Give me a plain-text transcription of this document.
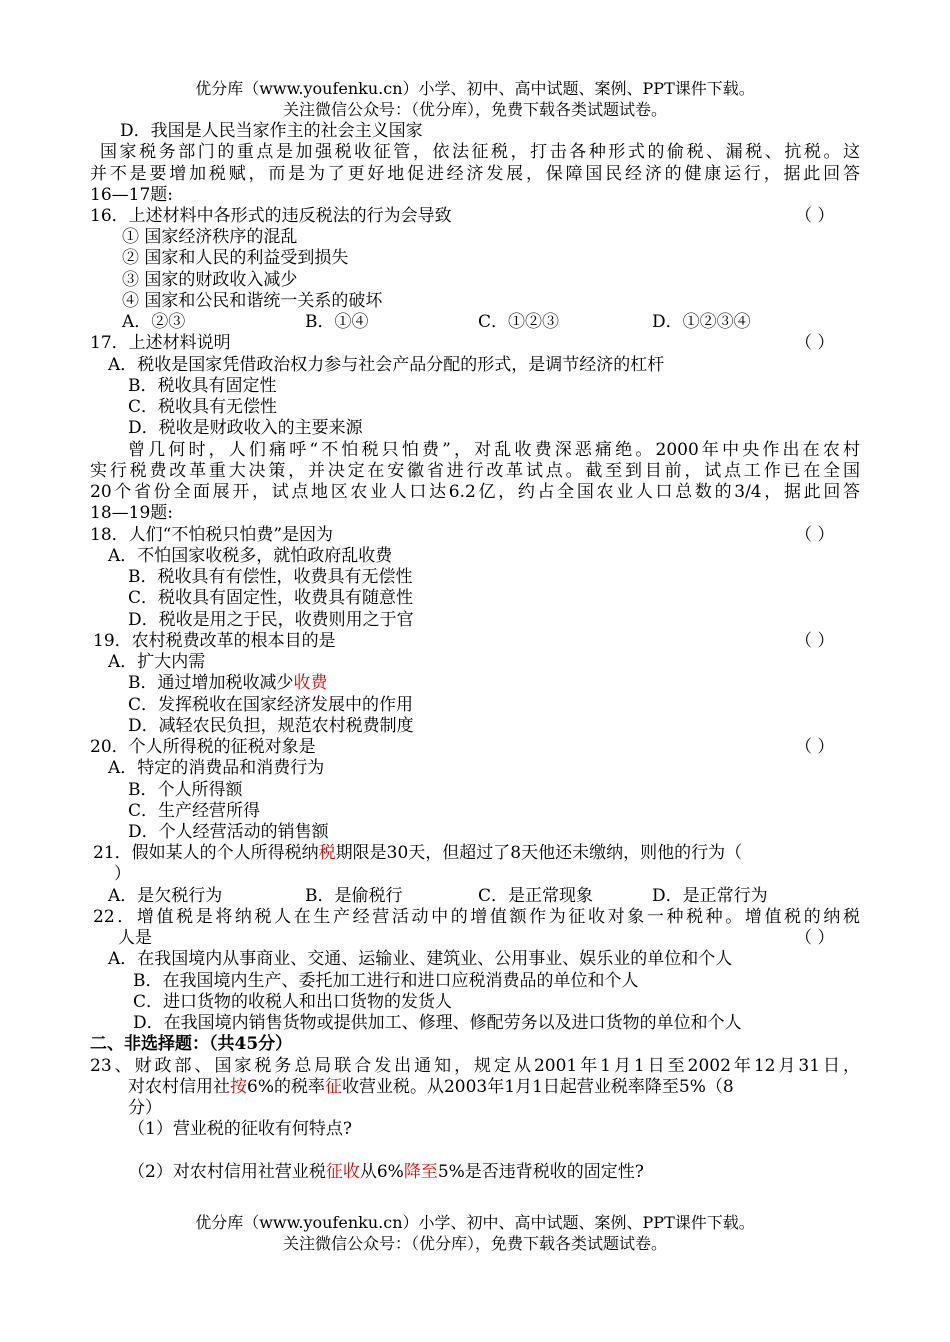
优分库（www.youfenku.cn）小学、初中、高中试题、案例、PPT课件下载。
关注微信公众号：（优分库），免费下载各类试题试卷。
D．我国是人民当家作主的社会主义国家
国家税务部门的重点是加强税收征管，依法征税，打击各种形式的偷税、漏税、抗税。这
并不是要增加税赋，而是为了更好地促进经济发展，保障国民经济的健康运行，据此回答
16—17题:
16．上述材料中各形式的违反税法的行为会导致	（ ）
① 国家经济秩序的混乱
② 国家和人民的利益受到损失
③ 国家的财政收入减少
④ 国家和公民和谐统一关系的破坏
A．②③	B．①④	C．①②③	D．①②③④
17．上述材料说明	（ ）
A．税收是国家凭借政治权力参与社会产品分配的形式，是调节经济的杠杆
B．税收具有固定性
C．税收具有无偿性
D．税收是财政收入的主要来源
曾几何时，人们痛呼“不怕税只怕费”，对乱收费深恶痛绝。2000年中央作出在农村
实行税费改革重大决策，并决定在安徽省进行改革试点。截至到目前，试点工作已在全国
20个省份全面展开，试点地区农业人口达6.2亿，约占全国农业人口总数的3/4，据此回答
18—19题:
18．人们“不怕税只怕费”是因为	（ ）
A．不怕国家收税多，就怕政府乱收费
B．税收具有有偿性，收费具有无偿性
C．税收具有固定性，收费具有随意性
D．税收是用之于民，收费则用之于官
19．农村税费改革的根本目的是	（ ）
A．扩大内需
B．通过增加税收减少收费
C．发挥税收在国家经济发展中的作用
D．减轻农民负担，规范农村税费制度
20．个人所得税的征税对象是	（ ）
A．特定的消费品和消费行为
B．个人所得额
C．生产经营所得
D．个人经营活动的销售额
21．假如某人的个人所得税纳税期限是30天，但超过了8天他还未缴纳，则他的行为（
）
A．是欠税行为	B．是偷税行	C．是正常现象	D．是正常行为
22．增值税是将纳税人在生产经营活动中的增值额作为征收对象一种税种。增值税的纳税
人是	（ ）
A．在我国境内从事商业、交通、运输业、建筑业、公用事业、娱乐业的单位和个人
B．在我国境内生产、委托加工进行和进口应税消费品的单位和个人
C．进口货物的收税人和出口货物的发货人
D．在我国境内销售货物或提供加工、修理、修配劳务以及进口货物的单位和个人
二、非选择题：（共45分）
23、财政部、国家税务总局联合发出通知，规定从2001年1月1日至2002年12月31日，
对农村信用社按6%的税率征收营业税。从2003年1月1日起营业税率降至5%（8
分）
（1）营业税的征收有何特点?
（2）对农村信用社营业税征收从6%降至5%是否违背税收的固定性?
优分库（www.youfenku.cn）小学、初中、高中试题、案例、PPT课件下载。
关注微信公众号：（优分库），免费下载各类试题试卷。
